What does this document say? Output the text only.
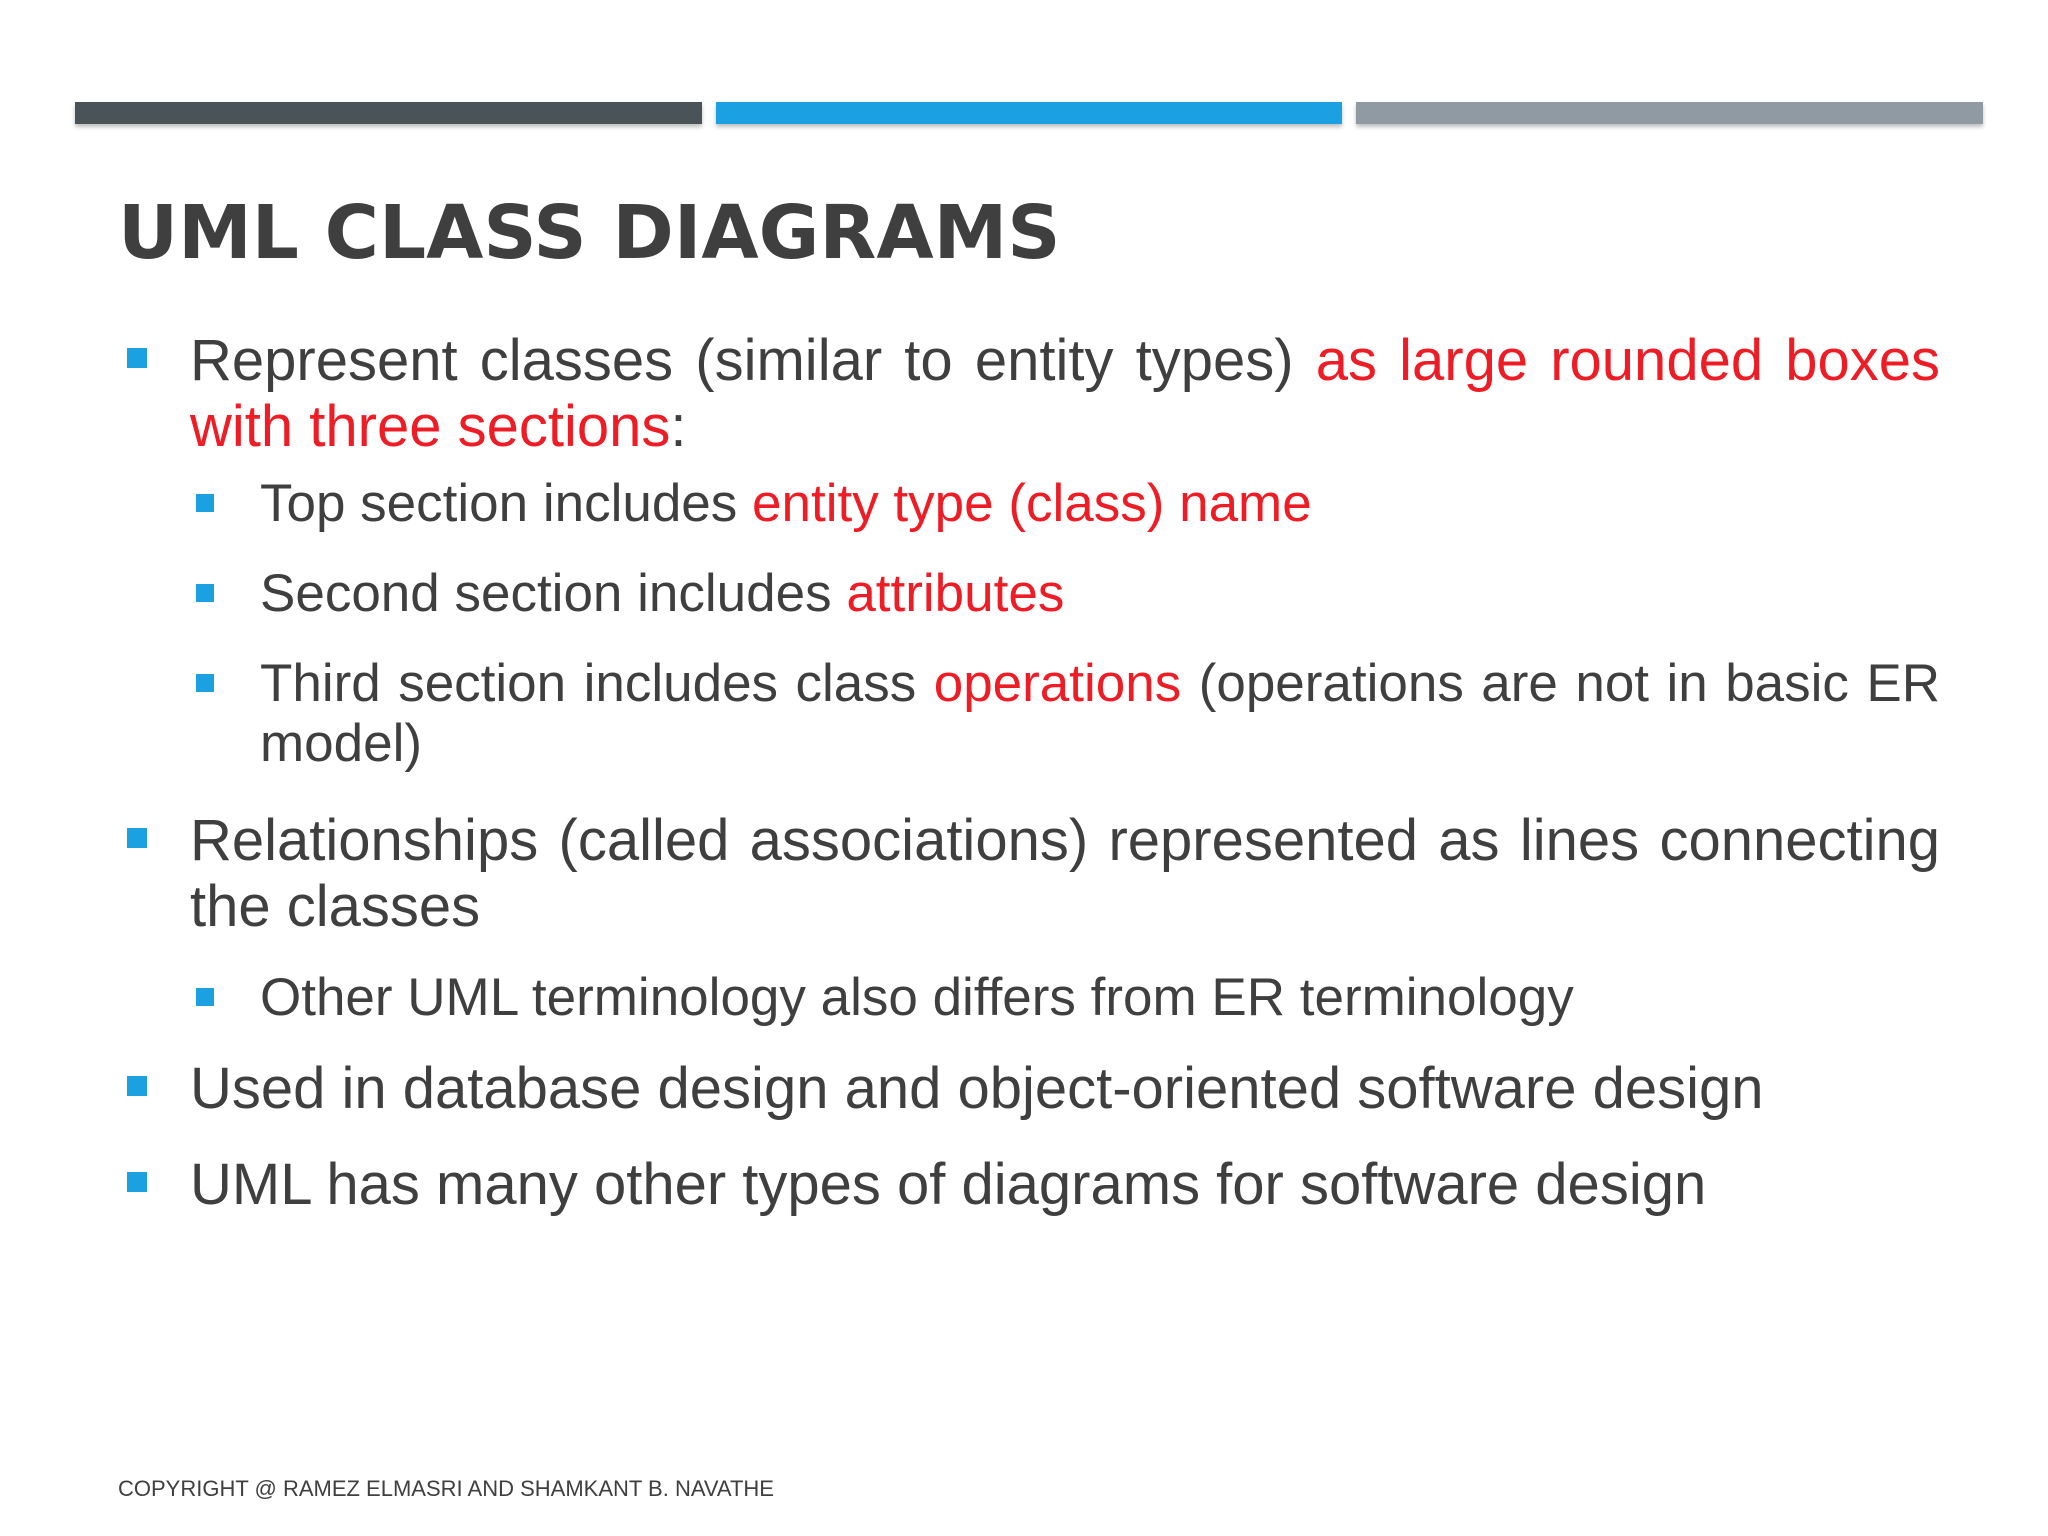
UML CLASS DIAGRAMS
Represent classes (similar to entity types) as large rounded boxes with three sections:
Top section includes entity type (class) name
Second section includes attributes
Third section includes class operations (operations are not in basic ER model)
Relationships (called associations) represented as lines connecting the classes
Other UML terminology also differs from ER terminology
Used in database design and object-oriented software design
UML has many other types of diagrams for software design
COPYRIGHT @ RAMEZ ELMASRI AND SHAMKANT B. NAVATHE
